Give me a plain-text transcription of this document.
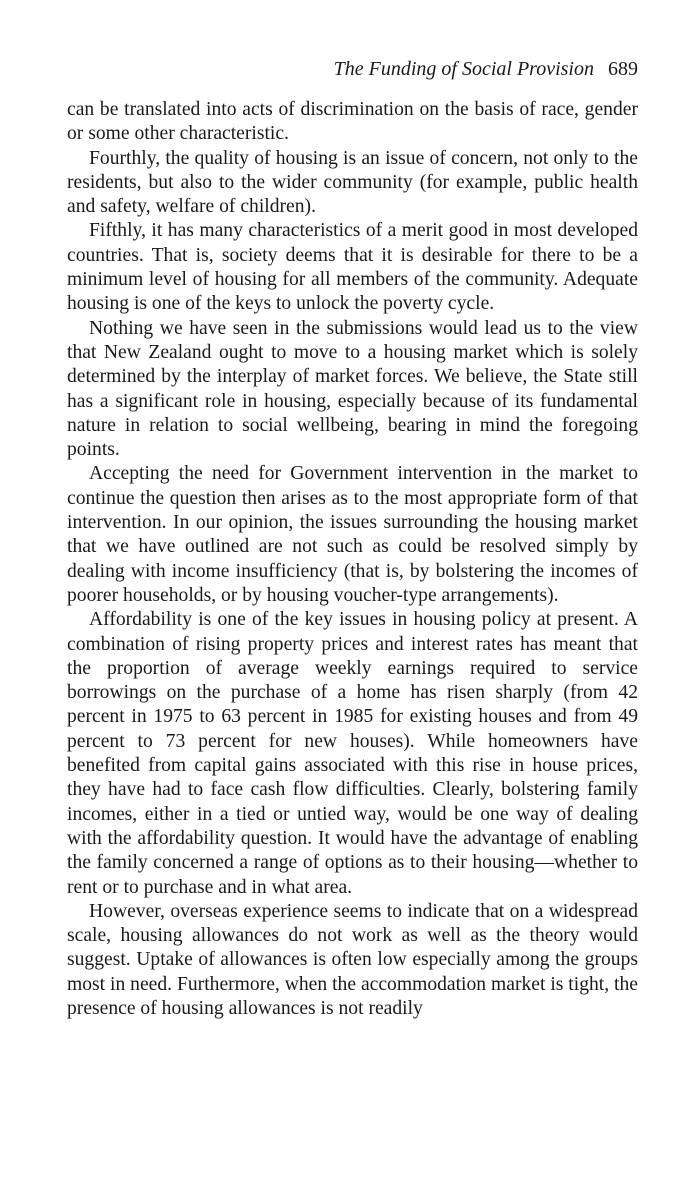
The Funding of Social Provision 689

can be translated into acts of discrimination on the basis of race, gender or some other characteristic.

Fourthly, the quality of housing is an issue of concern, not only to the residents, but also to the wider community (for example, public health and safety, welfare of children).

Fifthly, it has many characteristics of a merit good in most developed countries. That is, society deems that it is desirable for there to be a minimum level of housing for all members of the community. Adequate housing is one of the keys to unlock the poverty cycle.

Nothing we have seen in the submissions would lead us to the view that New Zealand ought to move to a housing market which is solely determined by the interplay of market forces. We believe, the State still has a significant role in housing, especially because of its fundamental nature in relation to social wellbeing, bearing in mind the foregoing points.

Accepting the need for Government intervention in the market to continue the question then arises as to the most appropriate form of that intervention. In our opinion, the issues surrounding the housing market that we have outlined are not such as could be resolved simply by dealing with income insufficiency (that is, by bolstering the incomes of poorer households, or by housing voucher-type arrangements).

Affordability is one of the key issues in housing policy at present. A combination of rising property prices and interest rates has meant that the proportion of average weekly earnings required to service borrowings on the purchase of a home has risen sharply (from 42 percent in 1975 to 63 percent in 1985 for existing houses and from 49 percent to 73 percent for new houses). While homeowners have benefited from capital gains associated with this rise in house prices, they have had to face cash flow difficulties. Clearly, bolstering family incomes, either in a tied or untied way, would be one way of dealing with the affordability question. It would have the advantage of enabling the family concerned a range of options as to their housing—whether to rent or to purchase and in what area.

However, overseas experience seems to indicate that on a widespread scale, housing allowances do not work as well as the theory would suggest. Uptake of allowances is often low especially among the groups most in need. Furthermore, when the accommodation market is tight, the presence of housing allowances is not readily
